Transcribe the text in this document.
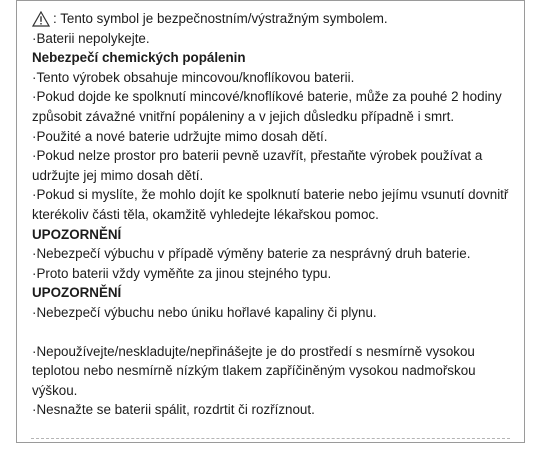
: Tento symbol je bezpečnostním/výstražným symbolem.
·Baterii nepolykejte.
Nebezpečí chemických popálenin
·Tento výrobek obsahuje mincovou/knoflíkovou baterii.
·Pokud dojde ke spolknutí mincové/knoflíkové baterie, může za pouhé 2 hodiny způsobit závažné vnitřní popáleniny a v jejich důsledku případně i smrt.
·Použité a nové baterie udržujte mimo dosah dětí.
·Pokud nelze prostor pro baterii pevně uzavřít, přestaňte výrobek používat a udržujte jej mimo dosah dětí.
·Pokud si myslíte, že mohlo dojít ke spolknutí baterie nebo jejímu vsunutí dovnitř kterékoliv části těla, okamžitě vyhledejte lékařskou pomoc.
UPOZORNĚNÍ
·Nebezpečí výbuchu v případě výměny baterie za nesprávný druh baterie.
·Proto baterii vždy vyměňte za jinou stejného typu.
UPOZORNĚNÍ
·Nebezpečí výbuchu nebo úniku hořlavé kapaliny či plynu.
·Nepoužívejte/neskladujte/nepřinášejte je do prostředí s nesmírně vysokou teplotou nebo nesmírně nízkým tlakem zapříčiněným vysokou nadmořskou výškou.
·Nesnažte se baterii spálit, rozdrtit či rozříznout.
